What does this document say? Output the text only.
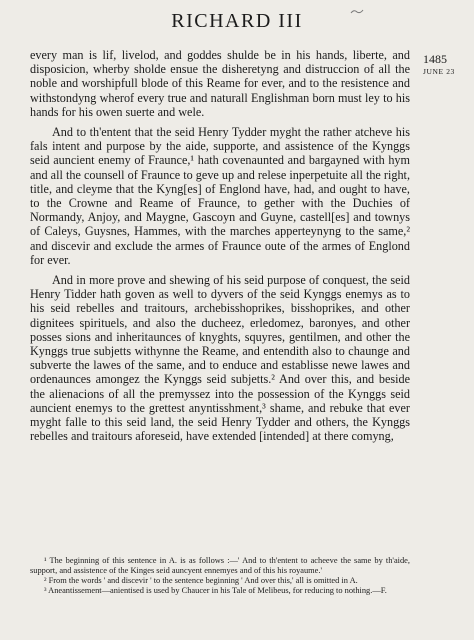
RICHARD III
1485
JUNE 23

every man is lif, livelod, and goddes shulde be in his hands, liberte, and disposicion, wherby sholde ensue the disheretyng and distruccion of all the noble and worshipfull blode of this Reame for ever, and to the resistence and withstondyng wherof every true and naturall Englishman born must ley to his hands for his owen suerte and wele.

And to th'entent that the seid Henry Tydder myght the rather atcheve his fals intent and purpose by the aide, supporte, and assistence of the Kynggs seid auncient enemy of Fraunce,¹ hath covenaunted and bargayned with hym and all the counsell of Fraunce to geve up and relese inperpetuite all the right, title, and cleyme that the Kyng[es] of Englond have, had, and ought to have, to the Crowne and Reame of Fraunce, to gether with the Duchies of Normandy, Anjoy, and Maygne, Gascoyn and Guyne, castell[es] and townys of Caleys, Guysnes, Hammes, with the marches apperteynyng to the same,² and discevir and exclude the armes of Fraunce oute of the armes of Englond for ever.

And in more prove and shewing of his seid purpose of conquest, the seid Henry Tidder hath goven as well to dyvers of the seid Kynggs enemys as to his seid rebelles and traitours, archebisshoprikes, bisshoprikes, and other dignitees spirituels, and also the ducheez, erledomez, baronyes, and other posses sions and inheritaunces of knyghts, squyres, gentilmen, and other the Kynggs true subjetts withynne the Reame, and entendith also to chaunge and subverte the lawes of the same, and to enduce and establisse newe lawes and ordenaunces amongez the Kynggs seid subjetts.² And over this, and beside the alienacions of all the premyssez into the possession of the Kynggs seid auncient enemys to the grettest anyntisshment,³ shame, and rebuke that ever myght falle to this seid land, the seid Henry Tydder and others, the Kynggs rebelles and traitours aforeseid, have extended [intended] at there comyng,

¹ The beginning of this sentence in A. is as follows :—' And to th'entent to acheeve the same by th'aide, support, and assistence of the Kinges seid auncyent ennemyes and of this his royaume.'

² From the words ' and discevir ' to the sentence beginning ' And over this,' all is omitted in A.

³ Aneantissement—anientised is used by Chaucer in his Tale of Melibeus, for reducing to nothing.—F.
